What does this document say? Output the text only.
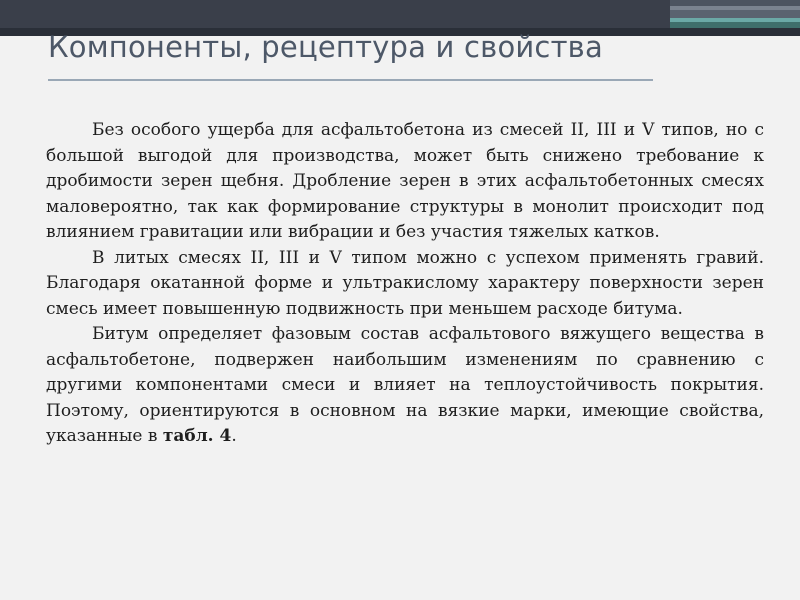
Компоненты, рецептура и свойства

Без особого ущерба для асфальтобетона из смесей II, III и V типов, но с большой выгодой для производства, может быть снижено требование к дробимости зерен щебня. Дробление зерен в этих асфальтобетонных смесях маловероятно, так как формирование структуры в монолит происходит под влиянием гравитации или вибрации и без участия тяжелых катков.

В литых смесях II, III и V типом можно с успехом применять гравий. Благодаря окатанной форме и ультракислому характеру поверхности зерен смесь имеет повышенную подвижность при меньшем расходе битума.

Битум определяет фазовым состав асфальтового вяжущего вещества в асфальтобетоне, подвержен наибольшим изменениям по сравнению с другими компонентами смеси и влияет на теплоустойчивость покрытия. Поэтому, ориентируются в основном на вязкие марки, имеющие свойства, указанные в табл. 4.
